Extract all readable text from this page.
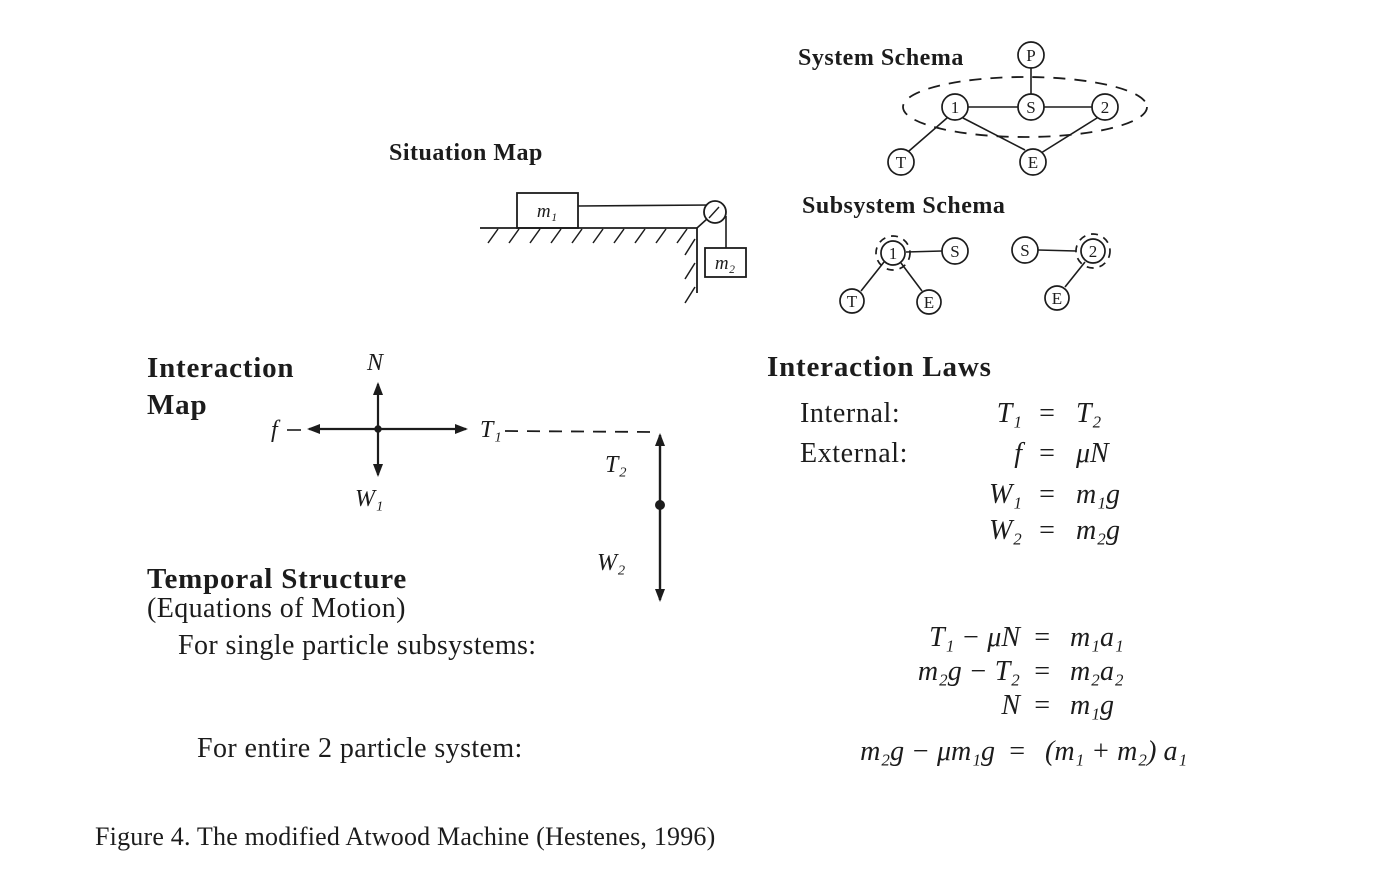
Situation Map
m₁
m₂
System Schema	P
S
1	2
T	E
Subsystem Schema
1	S
T	E
S	2
E
Interaction
Map
N
f	T₁
W₁
T₂
W₂
Interaction Laws
Internal:	T₁ = T₂
External:	f = μN
W₁ = m₁g
W₂ = m₂g
Temporal Structure
(Equations of Motion)
For single particle subsystems:
For entire 2 particle system:
T₁ − μN = m₁a₁
m₂g − T₂ = m₂a₂
N = m₁g
m₂g − μm₁g = (m₁ + m₂) a₁
Figure 4. The modified Atwood Machine (Hestenes, 1996)
